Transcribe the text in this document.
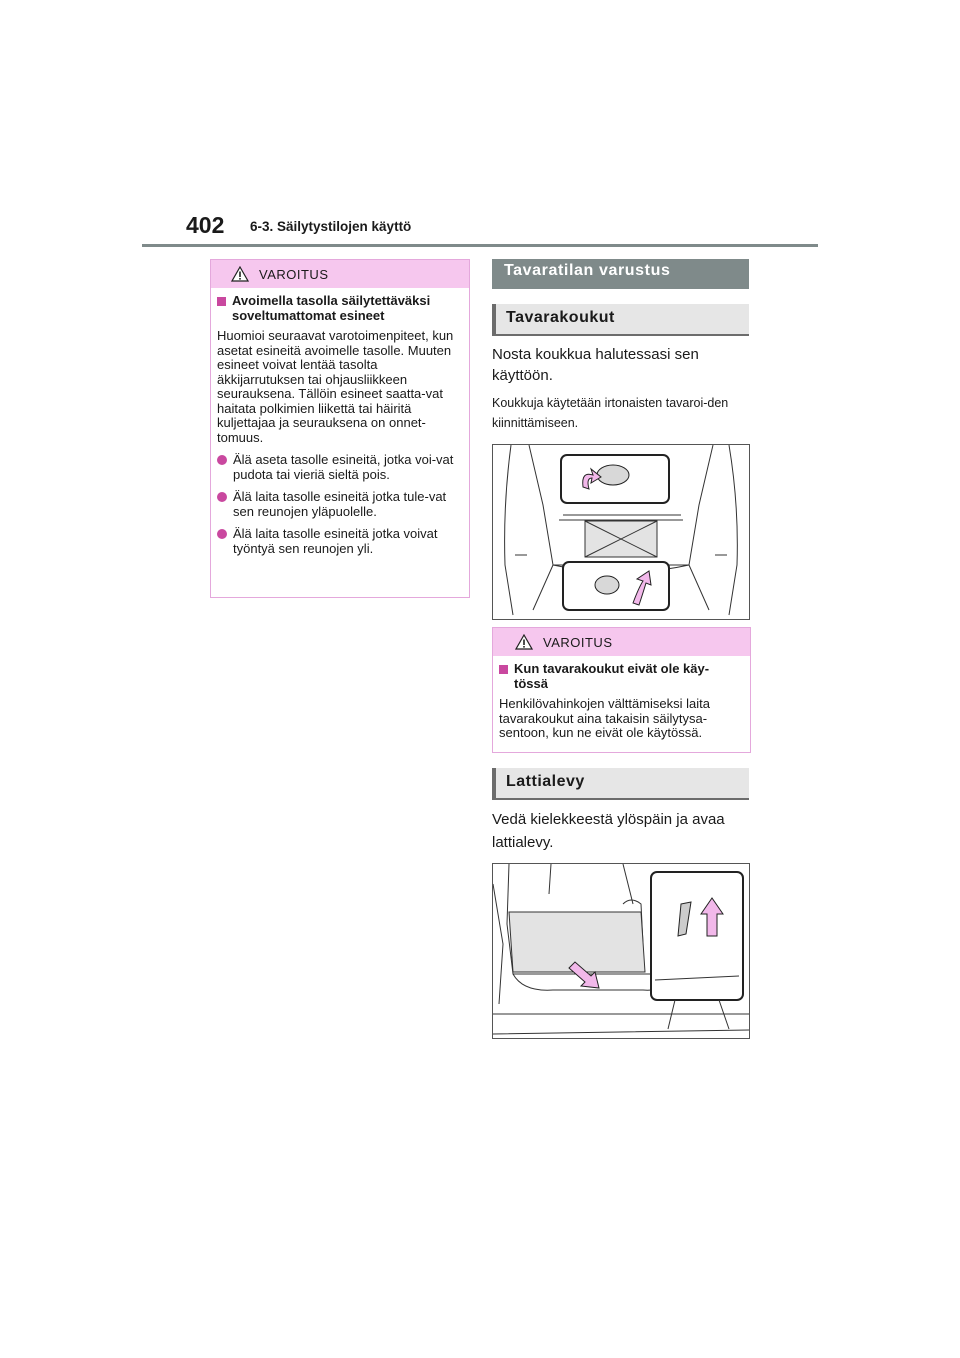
402 6-3. Säilytystilojen käyttö
VAROITUS
Avoimella tasolla säilytettäväksi soveltumattomat esineet
Huomioi seuraavat varotoimenpiteet, kun asetat esineitä avoimelle tasolle. Muuten esineet voivat lentää tasolta äkkijarrutuksen tai ohjausliikkeen seurauksena. Tällöin esineet saatta-vat haitata polkimien liikettä tai häiritä kuljettajaa ja seurauksena on onnet-tomuus.
Älä aseta tasolle esineitä, jotka voi-vat pudota tai vieriä sieltä pois.
Älä laita tasolle esineitä jotka tule-vat sen reunojen yläpuolelle.
Älä laita tasolle esineitä jotka voivat työntyä sen reunojen yli.
Tavaratilan varustus
Tavarakoukut
Nosta koukkua halutessasi sen käyttöön.
Koukkuja käytetään irtonaisten tavaroi-den kiinnittämiseen.
VAROITUS
Kun tavarakoukut eivät ole käy-tössä
Henkilövahinkojen välttämiseksi laita tavarakoukut aina takaisin säilytysa-sentoon, kun ne eivät ole käytössä.
Lattialevy
Vedä kielekkeestä ylöspäin ja avaa lattialevy.
